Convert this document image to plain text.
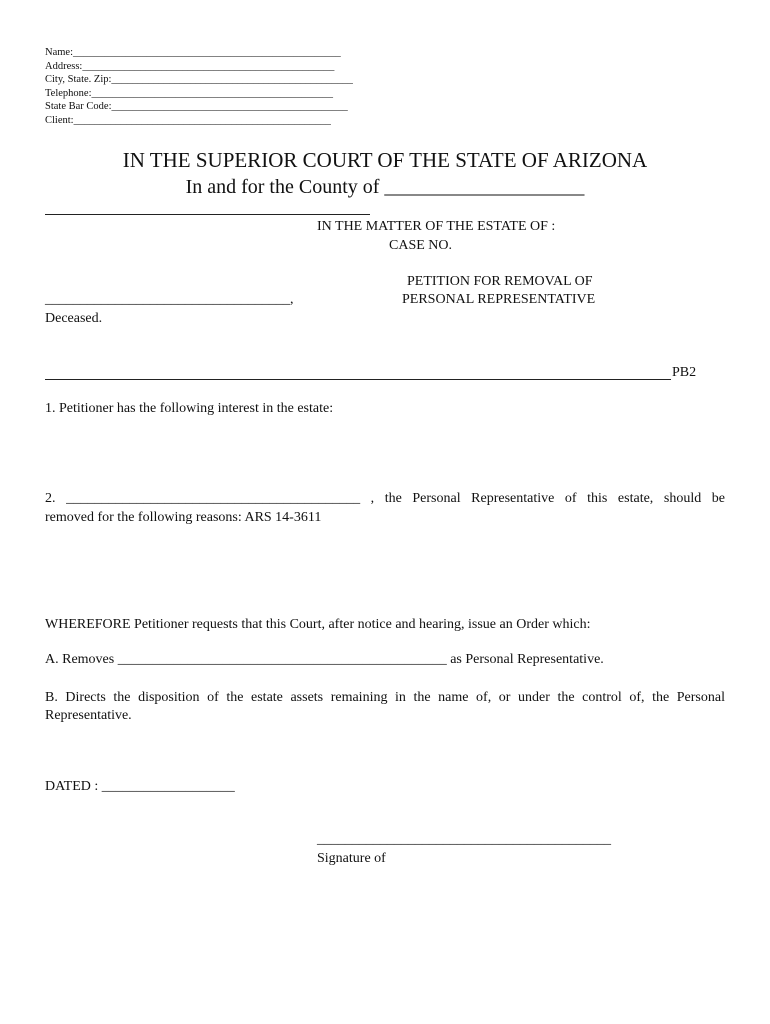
Name:___________________________________________________
Address:________________________________________________
City, State. Zip:______________________________________________
Telephone:______________________________________________
State Bar Code:_____________________________________________
Client:_________________________________________________
IN THE SUPERIOR COURT OF THE STATE OF ARIZONA
In and for the County of ____________________
IN THE MATTER OF THE ESTATE OF :
CASE NO.
PETITION FOR REMOVAL OF
PERSONAL REPRESENTATIVE
___________________________________,
Deceased.
PB2
1. Petitioner has the following interest in the estate:
2. __________________________________________ , the Personal Representative of this estate, should be
removed for the following reasons: ARS 14-3611
WHEREFORE Petitioner requests that this Court, after notice and hearing, issue an Order which:
A. Removes _______________________________________________ as Personal Representative.
B. Directs the disposition of the estate assets remaining in the name of, or under the control of, the Personal Representative.
DATED : ___________________
__________________________________________
Signature of
